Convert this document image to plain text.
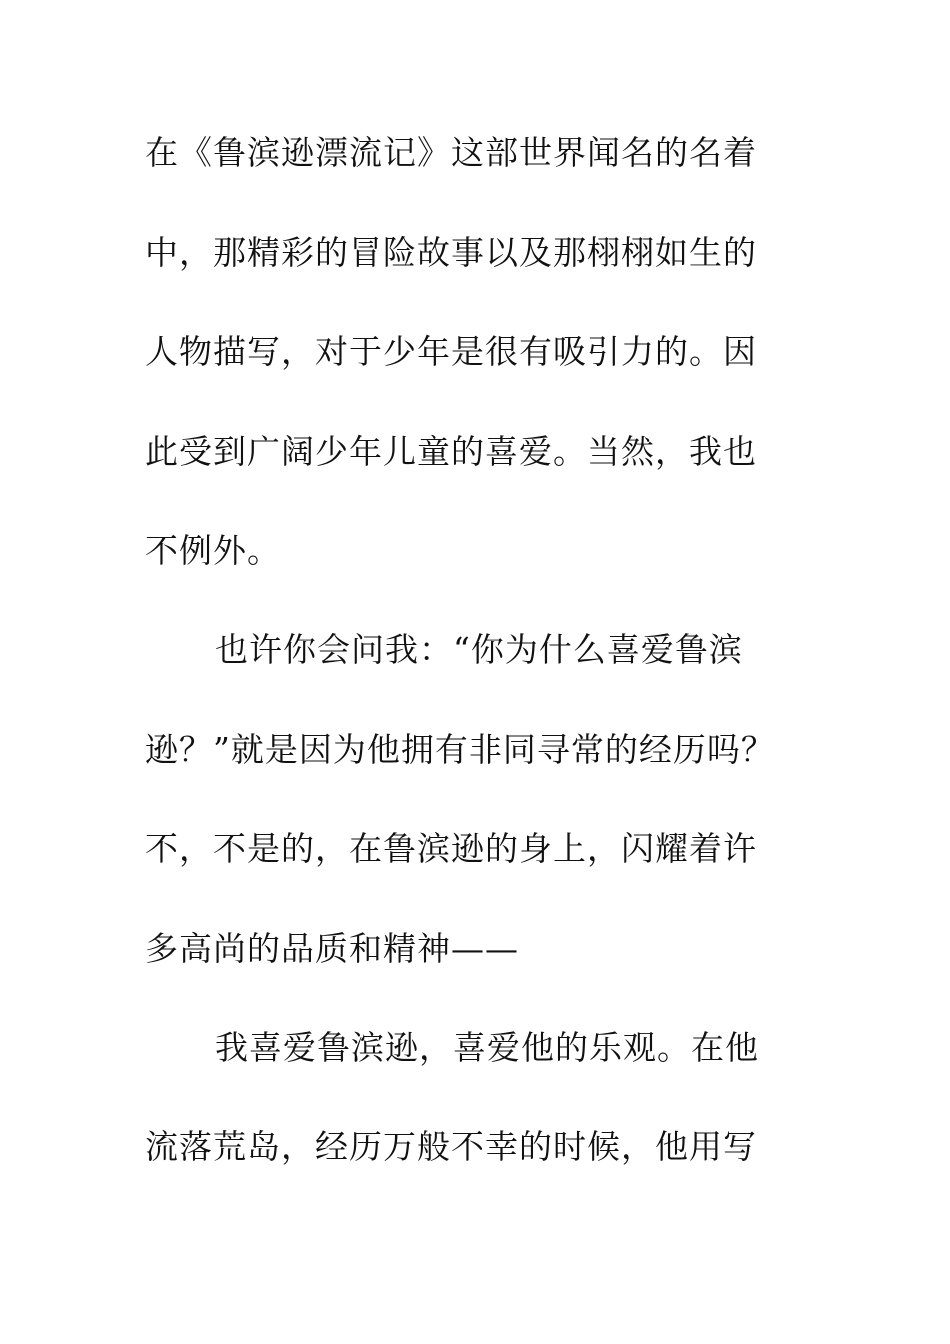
在《鲁滨逊漂流记》这部世界闻名的名着
中，那精彩的冒险故事以及那栩栩如生的
人物描写，对于少年是很有吸引力的。因
此受到广阔少年儿童的喜爱。当然，我也
不例外。
也许你会问我：“你为什么喜爱鲁滨
逊？”就是因为他拥有非同寻常的经历吗？
不，不是的，在鲁滨逊的身上，闪耀着许
多高尚的品质和精神——
我喜爱鲁滨逊，喜爱他的乐观。在他
流落荒岛，经历万般不幸的时候，他用写
